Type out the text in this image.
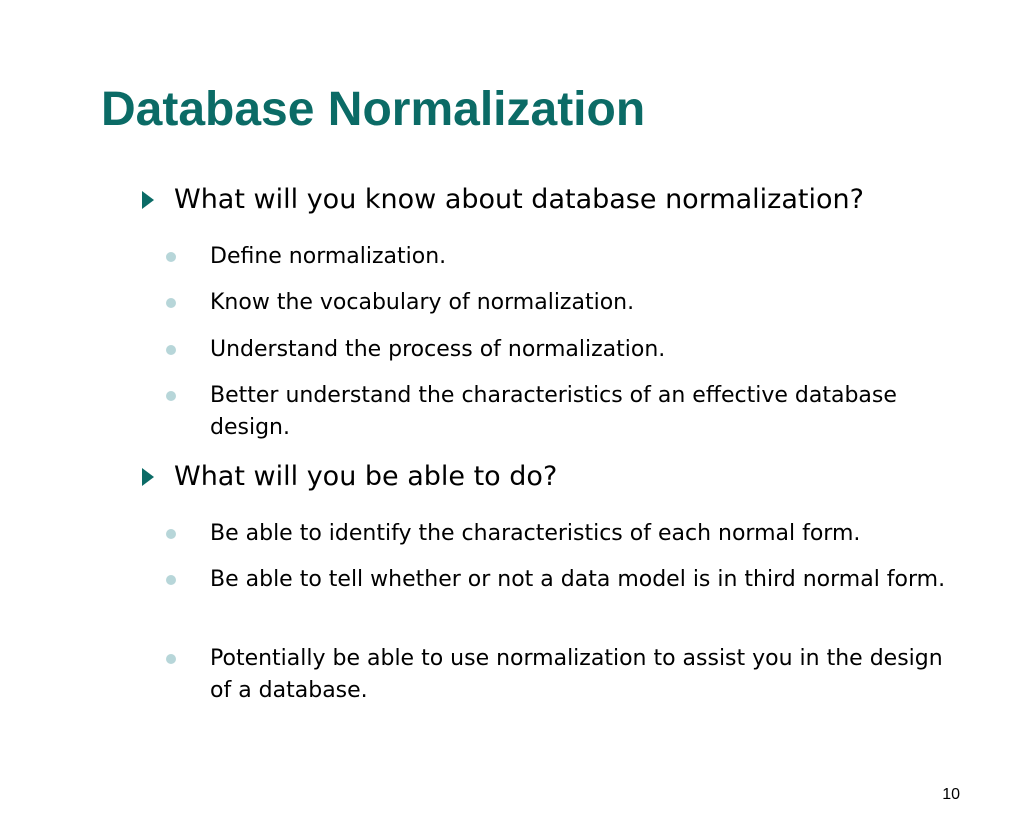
Database Normalization
What will you know about database normalization?
Define normalization.
Know the vocabulary of normalization.
Understand the process of normalization.
Better understand the characteristics of an effective database design.
What will you be able to do?
Be able to identify the characteristics of each normal form.
Be able to tell whether or not a data model is in third normal form.
Potentially be able to use normalization to assist you in the design of a database.
10
